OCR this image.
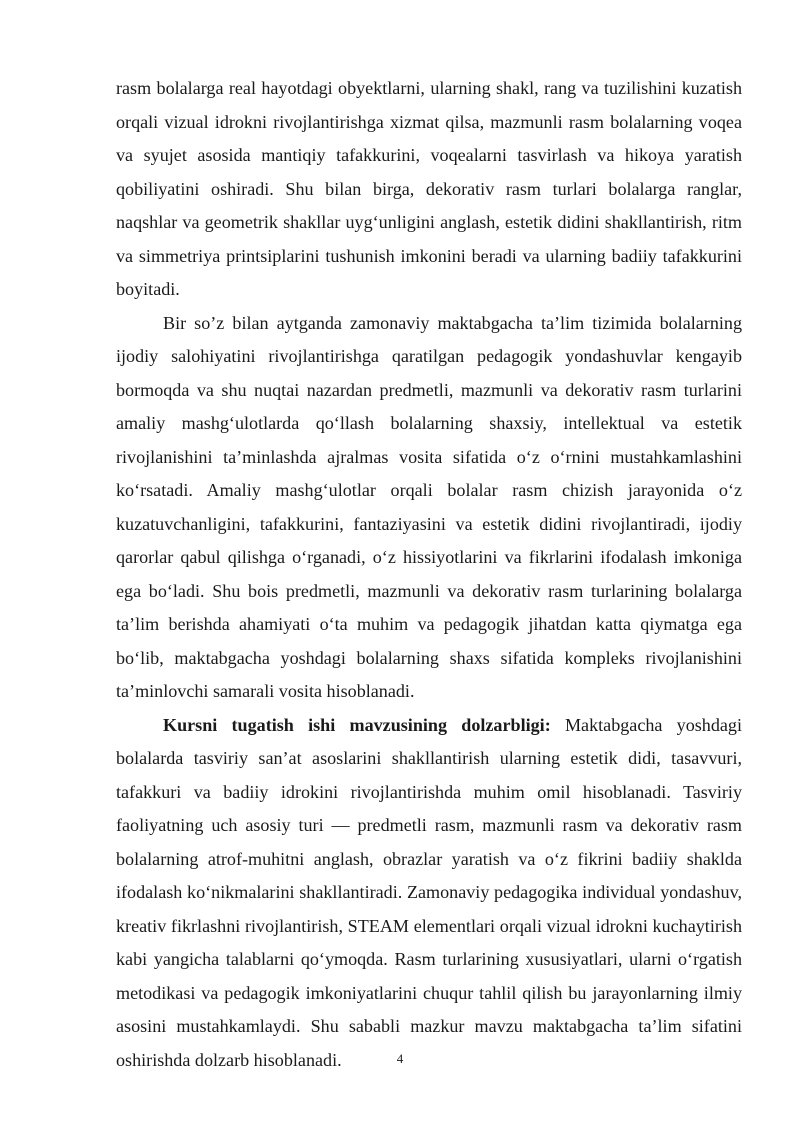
rasm bolalarga real hayotdagi obyektlarni, ularning shakl, rang va tuzilishini kuzatish orqali vizual idrokni rivojlantirishga xizmat qilsa, mazmunli rasm bolalarning voqea va syujet asosida mantiqiy tafakkurini, voqealarni tasvirlash va hikoya yaratish qobiliyatini oshiradi. Shu bilan birga, dekorativ rasm turlari bolalarga ranglar, naqshlar va geometrik shakllar uyg‘unligini anglash, estetik didini shakllantirish, ritm va simmetriya printsiplarini tushunish imkonini beradi va ularning badiiy tafakkurini boyitadi.

Bir so’z bilan aytganda zamonaviy maktabgacha ta’lim tizimida bolalarning ijodiy salohiyatini rivojlantirishga qaratilgan pedagogik yondashuvlar kengayib bormoqda va shu nuqtai nazardan predmetli, mazmunli va dekorativ rasm turlarini amaliy mashg‘ulotlarda qo‘llash bolalarning shaxsiy, intellektual va estetik rivojlanishini ta’minlashda ajralmas vosita sifatida o‘z o‘rnini mustahkamlashini ko‘rsatadi. Amaliy mashg‘ulotlar orqali bolalar rasm chizish jarayonida o‘z kuzatuvchanligini, tafakkurini, fantaziyasini va estetik didini rivojlantiradi, ijodiy qarorlar qabul qilishga o‘rganadi, o‘z hissiyotlarini va fikrlarini ifodalash imkoniga ega bo‘ladi. Shu bois predmetli, mazmunli va dekorativ rasm turlarining bolalarga ta’lim berishda ahamiyati o‘ta muhim va pedagogik jihatdan katta qiymatga ega bo‘lib, maktabgacha yoshdagi bolalarning shaxs sifatida kompleks rivojlanishini ta’minlovchi samarali vosita hisoblanadi.

Kursni tugatish ishi mavzusining dolzarbligi: Maktabgacha yoshdagi bolalarda tasviriy san’at asoslarini shakllantirish ularning estetik didi, tasavvuri, tafakkuri va badiiy idrokini rivojlantirishda muhim omil hisoblanadi. Tasviriy faoliyatning uch asosiy turi — predmetli rasm, mazmunli rasm va dekorativ rasm bolalarning atrof-muhitni anglash, obrazlar yaratish va o‘z fikrini badiiy shaklda ifodalash ko‘nikmalarini shakllantiradi. Zamonaviy pedagogika individual yondashuv, kreativ fikrlashni rivojlantirish, STEAM elementlari orqali vizual idrokni kuchaytirish kabi yangicha talablarni qo‘ymoqda. Rasm turlarining xususiyatlari, ularni o‘rgatish metodikasi va pedagogik imkoniyatlarini chuqur tahlil qilish bu jarayonlarning ilmiy asosini mustahkamlaydi. Shu sababli mazkur mavzu maktabgacha ta’lim sifatini oshirishda dolzarb hisoblanadi.	4
